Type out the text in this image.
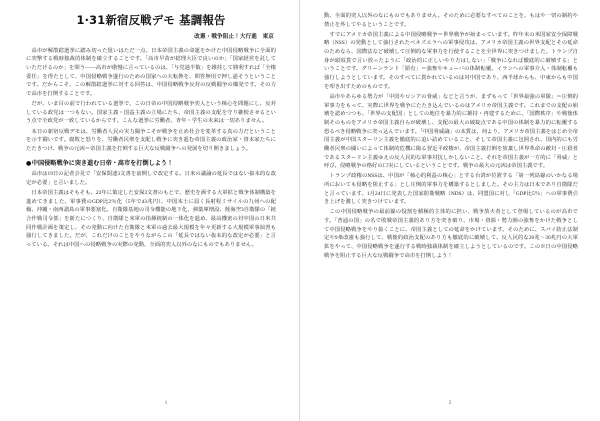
1·31新宿反戦デモ 基調報告
改憲・戦争阻止！大行進　東京

高市が解散総選挙に踏み切った狙いはただ一点、日本帝国主義の命運をかけた中国侵略戦争に全面的に突撃する戦時独裁的体制を確立することです。「高市早苗が総理大臣で良いのか」「国家経営を託していただけるのか」を問う——高市が傲慢に言っているのは、「与党過半数」を維持して勝利すれば「全権委任」を得たとして、中国侵略戦争遂行のための国家への大転換を、問答無用で押し通そうということです。だからこそ、この解散総選挙に対する回答は、中国侵略戦争反対の反戦闘争の爆発です。その力で高市を打倒することです。

だが、いま目の前で行われている選挙で、この日帝の中国侵略戦争突入という核心を問題にし、反対している政党は一つもない。国家主義・国益主義の立場にたち、帝国主義の支配を守り継続させるという点で全政党が一致しているからです。こんな選挙に労働者、青年・学生の未来は一切ありません。

本日の新宿反戦デモは、労働者人民の実力闘争こそが戦争を止め社会を変革する真の力だということを示す闘いです。腐敗と怒りを、労働者民衆を支配し戦争に突き進む帝国主義の政治家・資本家たちにたたきつけ、戦争の元凶＝帝国主義を打倒する巨大な反戦闘争への発展を切り開きましょう。

●中国侵略戦争に突き進む日帝・高市を打倒しよう！

高市は19日の記者会見で「安保関連3文書を前倒しで改定する。日米の議論の延長ではない抜本的な改定が必要」と言いました。

日本帝国主義はそもそも、22年に策定した安保3文書のもとで、歴史を画する大軍拡と戦争体制構築を進めてきました。軍事費のGDP比2％化（5年で43兆円）、中国本土に届く長射程ミサイルの九州への配備、沖縄・南西諸島の軍事要塞化、自衛隊基地の司令機能の地下化、弾薬庫増設、陸海空3自衛隊の「統合作戦司令部」を新たにつくり、自衛隊と米軍の指揮統制の一体化を進め、最高機密の対中国の日米共同作戦計画を策定し、その発動に向けた自衛隊と米軍の過去最大規模を年々更新する大規模軍事演習も強行してきました。だが、これだけのことをやりながらこの「延長ではない抜本的な改定が必要」と言っている。それは中国への侵略戦争の実際の発動、全面的突入以外のなにものでもありません。

1

動、全面的突入以外のなにものでもありません。そのために必要なすべてのことを、もはや一切の制約や禁止を外してやるということです。

すでにアメリカ帝国主義による中国侵略戦争＝世界戦争が始まっています。昨年末の米国家安全保障戦略（NSS）の発動として強行されたベネズエラへの軍事侵攻は、アメリカ帝国主義の世界支配とその延命のためなら、国際法など破壊して圧倒的な軍事力を行使することを全世界に突きつけました。トランプ自身が頭頃貫で言い放ったように「政治的に正しいやり方はしない」「戦争になれば徹底的に破壊する」ということです。グリーンランド「領有」＝強奪やキューバの体制転覆、イランへの軍事介入・体制転覆も強行しようとしています。そのすべてに貫かれているのは対中国であり、西半球からも、中東からも中国を叩き出すためのものです。

高市やあらゆる勢力が「中国やロシアの脅威」などと言うが、まずもって「世界最強の軍隊」＝圧倒的軍事力をもって、実際に世界を戦争にたたき込んでいるのはアメリカ帝国主義です。これまでの支配の崩壊を認めつつも、「世界の支配国」としての地位を暴力的に維持・再建するために、「国際秩序」や戦後体制そのものをアメリカ帝国主義自らが破壊し、支配の最大の破綻点である中国の体制を暴力的に転覆する恐るべき侵略戦争に突っ込んでいます。「中国脅威論」の本質は、何より、アメリカ帝国主義をはじめ全帝国主義が中国スターリン主義を徹底的に追い詰めていること、そして帝国主義に包囲され、国内的にも労働者民衆の闘いによって体制的危機に陥る習近平政権が、帝国主義打倒を放棄し世界革命の敵対・圧殺者であるスターリン主義ゆえの反人民的な軍事対抗しかしないこと、それを帝国主義が一方的に「脅威」と呼び、侵略戦争の格好の口実にしているということです。戦争の最大の元凶は帝国主義です。

トランプ政権のNSSは、中国が「核心的利益の核心」とする台湾が位置する「第一列島線のいかなる場所においても侵略を阻止する」とし圧倒的軍事力を構築するとしました。その主力は日本であり自衛隊だと言っています。1月24日に発表した国家防衛戦略（NDS）は、同盟国に対し「GDP比5％」への軍事費引き上げを激しく突きつけています。

この中国侵略戦争の最前線の役割を積極的主体的に担い、戦争放火者として登場しているのが高市です。「普通の国」の名で敗戦帝国主義的あり方を突き破り、市場・資源・勢力圏の強奪をかけた戦争として中国侵略戦争をやり抜くことに、帝国主義としての延命をかけています。そのために、スパイ防止法制定や9条改憲も強行して、戦後的政治支配のあり方も徹底的に破壊して、反人民的な20兆～30兆円の大軍拡をやって、中国侵略戦争を遂行する戦時独裁体制を確立しようとしているのです。この※日の中国侵略戦争を阻止する巨大な反戦闘争で高市を打倒しよう！

2
